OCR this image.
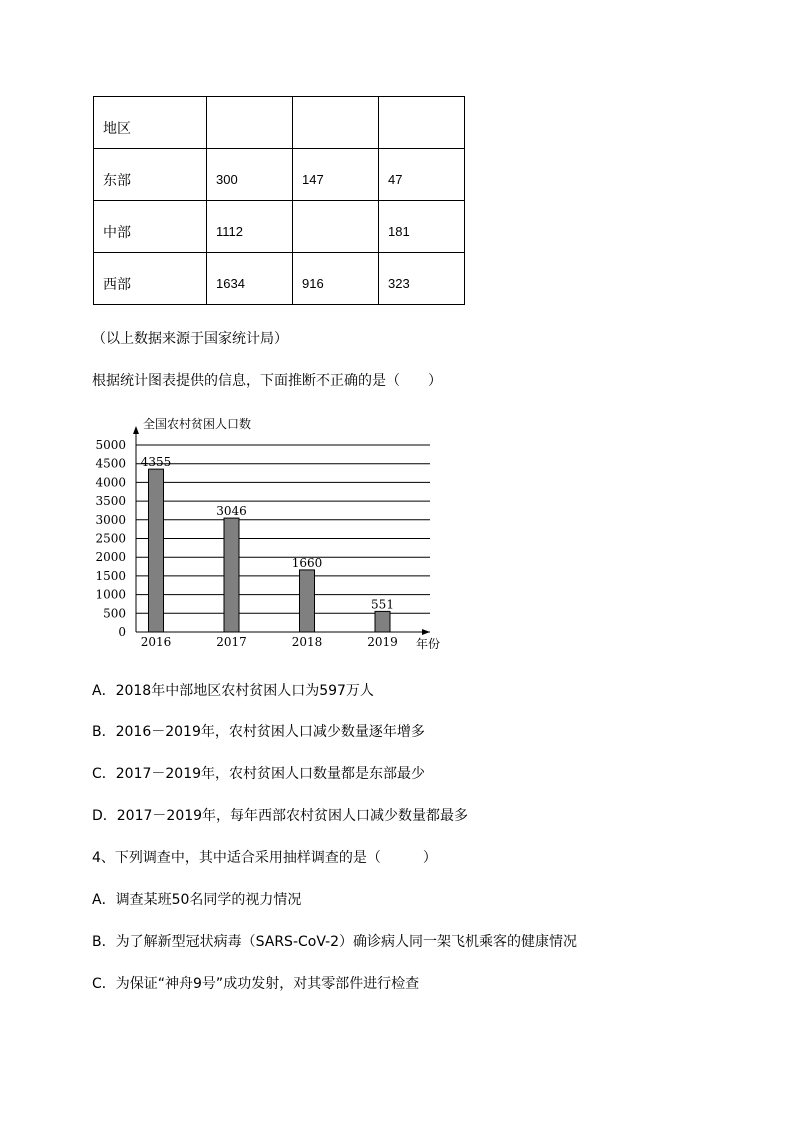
地区			
东部	300	147	47
中部	1112		181
西部	1634	916	323
（以上数据来源于国家统计局）
根据统计图表提供的信息，下面推断不正确的是（　　）
全国农村贫困人口数
0
500
1000
1500
2000
2500
3000
3500
4000
4500
5000
2016	2017	2018	2019
4355
3046
1660
551
年份
A．2018年中部地区农村贫困人口为597万人
B．2016－2019年，农村贫困人口减少数量逐年增多
C．2017－2019年，农村贫困人口数量都是东部最少
D．2017－2019年，每年西部农村贫困人口减少数量都最多
4、下列调查中，其中适合采用抽样调查的是（　　　）
A．调查某班50名同学的视力情况
B．为了解新型冠状病毒（SARS-CoV-2）确诊病人同一架飞机乘客的健康情况
C．为保证“神舟9号”成功发射，对其零部件进行检查
